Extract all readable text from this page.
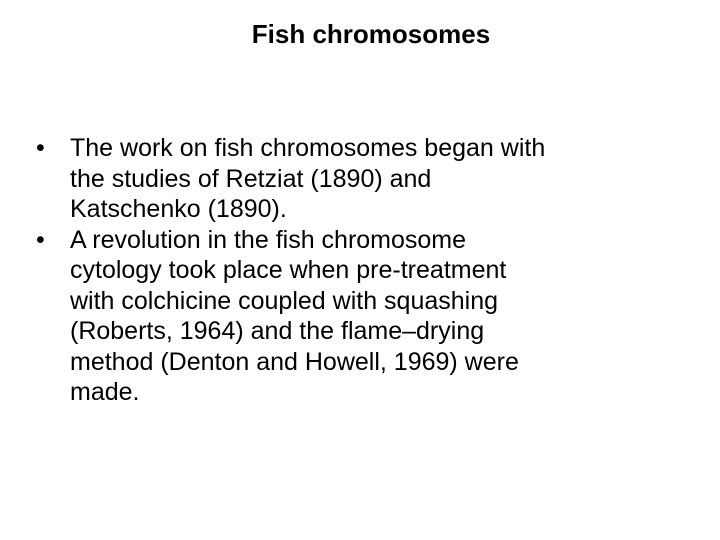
Fish chromosomes
•	The work on fish chromosomes began with
the studies of Retziat (1890) and
Katschenko (1890).
•	A revolution in the fish chromosome
cytology took place when pre-treatment
with colchicine coupled with squashing
(Roberts, 1964) and the flame–drying
method (Denton and Howell, 1969) were
made.
